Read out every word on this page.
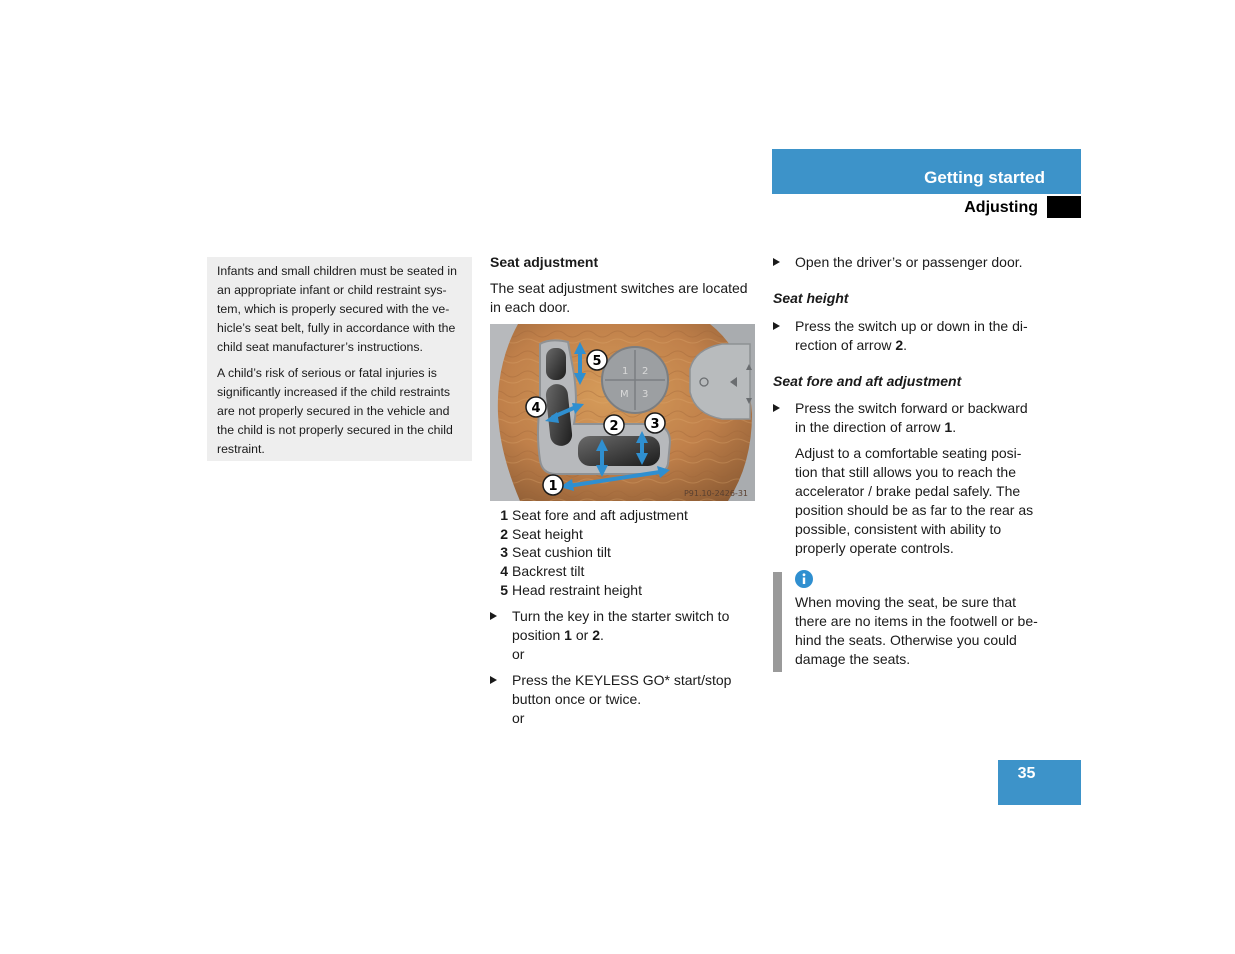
Getting started
Adjusting

Infants and small children must be seated in an appropriate infant or child restraint sys-tem, which is properly secured with the ve-hicle’s seat belt, fully in accordance with the child seat manufacturer’s instructions.

A child’s risk of serious or fatal injuries is significantly increased if the child restraints are not properly secured in the vehicle and the child is not properly secured in the child restraint.

Seat adjustment
The seat adjustment switches are located in each door.
1 2
M 3
1
2 3
4
5
P91.10-2426-31
1 Seat fore and aft adjustment
2 Seat height
3 Seat cushion tilt
4 Backrest tilt
5 Head restraint height
Turn the key in the starter switch to position 1 or 2.
or
Press the KEYLESS GO* start/stop button once or twice.
or
Open the driver’s or passenger door.
Seat height
Press the switch up or down in the di-rection of arrow 2.
Seat fore and aft adjustment
Press the switch forward or backward in the direction of arrow 1.
Adjust to a comfortable seating posi-tion that still allows you to reach the accelerator / brake pedal safely. The position should be as far to the rear as possible, consistent with ability to properly operate controls.
When moving the seat, be sure that there are no items in the footwell or be-hind the seats. Otherwise you could damage the seats.
35
